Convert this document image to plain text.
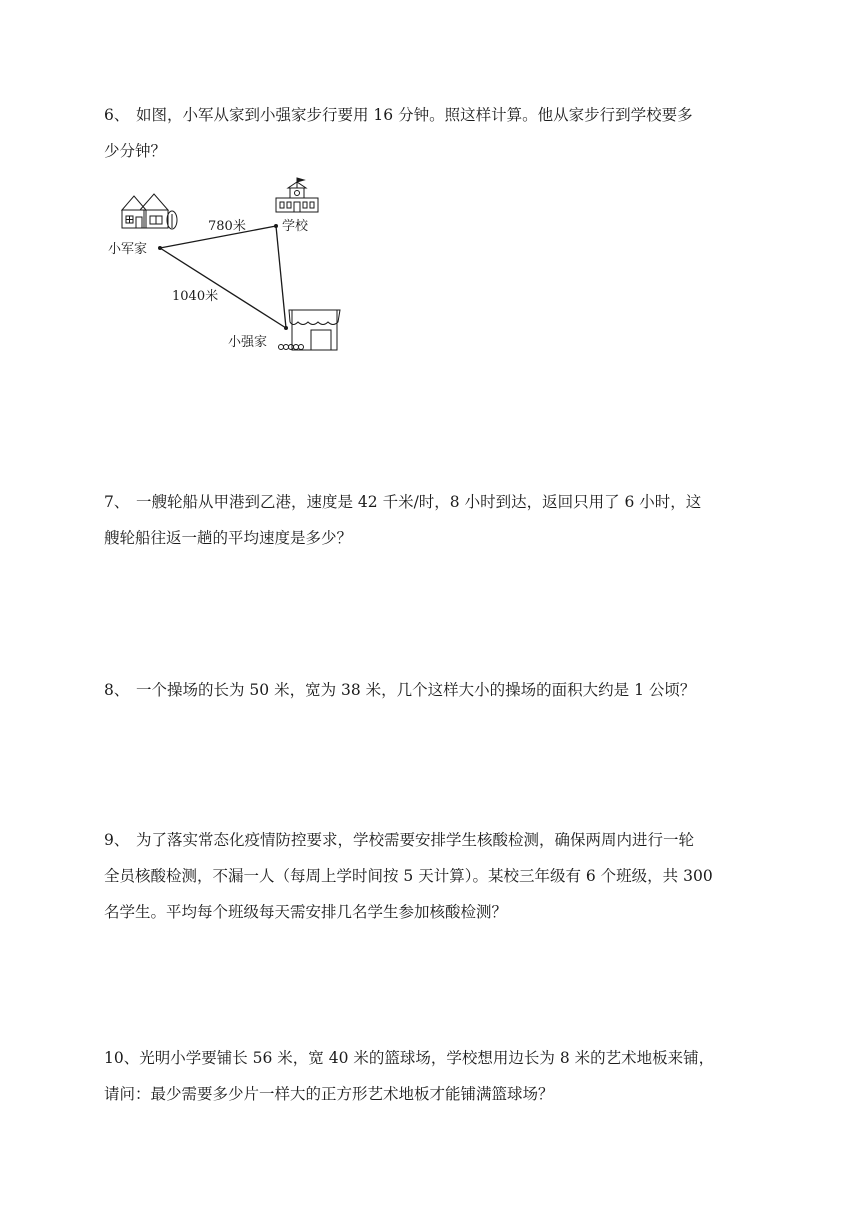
6、 如图，小军从家到小强家步行要用 16 分钟。照这样计算。他从家步行到学校要多
少分钟？
小军家
学校
小强家
780米
1040米
7、 一艘轮船从甲港到乙港，速度是 42 千米/时，8 小时到达，返回只用了 6 小时，这
艘轮船往返一趟的平均速度是多少？
8、 一个操场的长为 50 米，宽为 38 米，几个这样大小的操场的面积大约是 1 公顷？
9、 为了落实常态化疫情防控要求，学校需要安排学生核酸检测，确保两周内进行一轮
全员核酸检测，不漏一人（每周上学时间按 5 天计算）。某校三年级有 6 个班级，共 300
名学生。平均每个班级每天需安排几名学生参加核酸检测？
10、光明小学要铺长 56 米，宽 40 米的篮球场，学校想用边长为 8 米的艺术地板来铺，
请问：最少需要多少片一样大的正方形艺术地板才能铺满篮球场？
